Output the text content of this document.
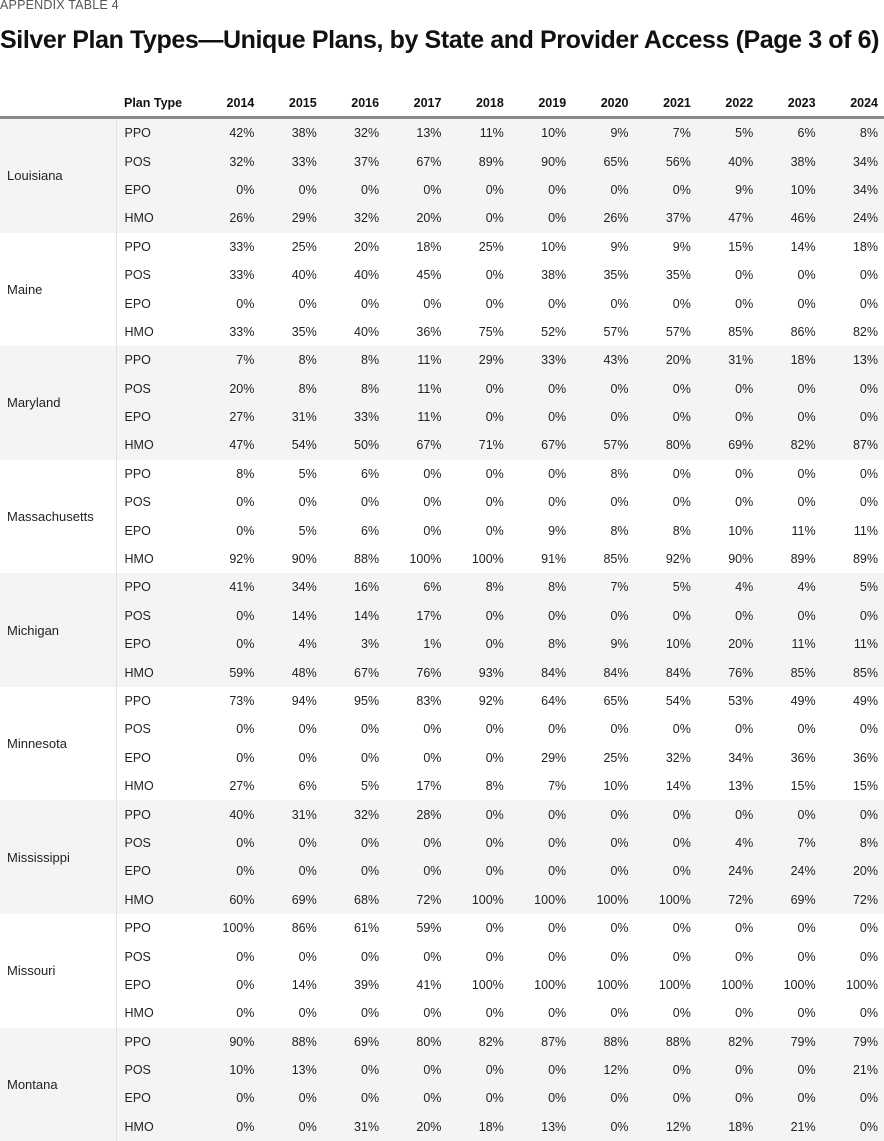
APPENDIX TABLE 4
Silver Plan Types—Unique Plans, by State and Provider Access (Page 3 of 6)
	Plan Type	2014	2015	2016	2017	2018	2019	2020	2021	2022	2023	2024
Louisiana	PPO	42%	38%	32%	13%	11%	10%	9%	7%	5%	6%	8%
	POS	32%	33%	37%	67%	89%	90%	65%	56%	40%	38%	34%
	EPO	0%	0%	0%	0%	0%	0%	0%	0%	9%	10%	34%
	HMO	26%	29%	32%	20%	0%	0%	26%	37%	47%	46%	24%
Maine	PPO	33%	25%	20%	18%	25%	10%	9%	9%	15%	14%	18%
	POS	33%	40%	40%	45%	0%	38%	35%	35%	0%	0%	0%
	EPO	0%	0%	0%	0%	0%	0%	0%	0%	0%	0%	0%
	HMO	33%	35%	40%	36%	75%	52%	57%	57%	85%	86%	82%
Maryland	PPO	7%	8%	8%	11%	29%	33%	43%	20%	31%	18%	13%
	POS	20%	8%	8%	11%	0%	0%	0%	0%	0%	0%	0%
	EPO	27%	31%	33%	11%	0%	0%	0%	0%	0%	0%	0%
	HMO	47%	54%	50%	67%	71%	67%	57%	80%	69%	82%	87%
Massachusetts	PPO	8%	5%	6%	0%	0%	0%	8%	0%	0%	0%	0%
	POS	0%	0%	0%	0%	0%	0%	0%	0%	0%	0%	0%
	EPO	0%	5%	6%	0%	0%	9%	8%	8%	10%	11%	11%
	HMO	92%	90%	88%	100%	100%	91%	85%	92%	90%	89%	89%
Michigan	PPO	41%	34%	16%	6%	8%	8%	7%	5%	4%	4%	5%
	POS	0%	14%	14%	17%	0%	0%	0%	0%	0%	0%	0%
	EPO	0%	4%	3%	1%	0%	8%	9%	10%	20%	11%	11%
	HMO	59%	48%	67%	76%	93%	84%	84%	84%	76%	85%	85%
Minnesota	PPO	73%	94%	95%	83%	92%	64%	65%	54%	53%	49%	49%
	POS	0%	0%	0%	0%	0%	0%	0%	0%	0%	0%	0%
	EPO	0%	0%	0%	0%	0%	29%	25%	32%	34%	36%	36%
	HMO	27%	6%	5%	17%	8%	7%	10%	14%	13%	15%	15%
Mississippi	PPO	40%	31%	32%	28%	0%	0%	0%	0%	0%	0%	0%
	POS	0%	0%	0%	0%	0%	0%	0%	0%	4%	7%	8%
	EPO	0%	0%	0%	0%	0%	0%	0%	0%	24%	24%	20%
	HMO	60%	69%	68%	72%	100%	100%	100%	100%	72%	69%	72%
Missouri	PPO	100%	86%	61%	59%	0%	0%	0%	0%	0%	0%	0%
	POS	0%	0%	0%	0%	0%	0%	0%	0%	0%	0%	0%
	EPO	0%	14%	39%	41%	100%	100%	100%	100%	100%	100%	100%
	HMO	0%	0%	0%	0%	0%	0%	0%	0%	0%	0%	0%
Montana	PPO	90%	88%	69%	80%	82%	87%	88%	88%	82%	79%	79%
	POS	10%	13%	0%	0%	0%	0%	12%	0%	0%	0%	21%
	EPO	0%	0%	0%	0%	0%	0%	0%	0%	0%	0%	0%
	HMO	0%	0%	31%	20%	18%	13%	0%	12%	18%	21%	0%
